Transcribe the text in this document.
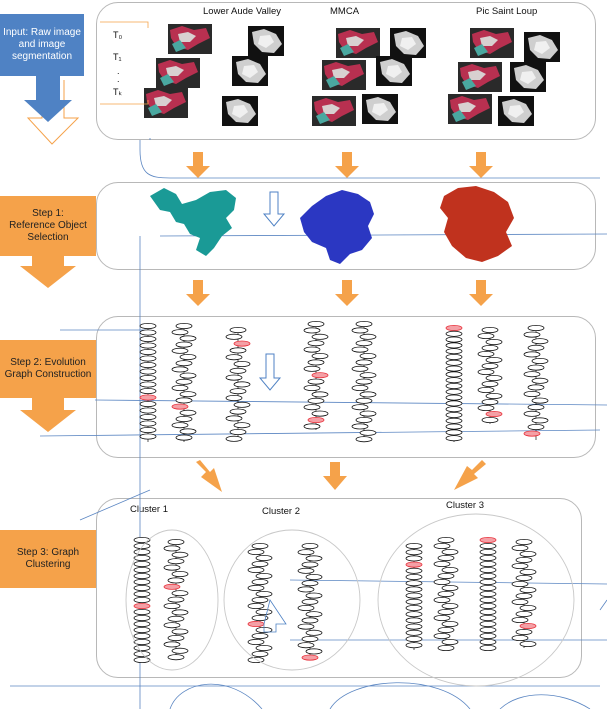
Input: Raw image
and image
segmentation
Step 1:
Reference Object
Selection
Step 2: Evolution
Graph Construction
Step 3: Graph
Clustering
Lower Aude Valley	MMCA	Pic Saint Loup
T₀
T₁
.
.
Tₖ
Cluster 1	Cluster 2
Cluster 3
